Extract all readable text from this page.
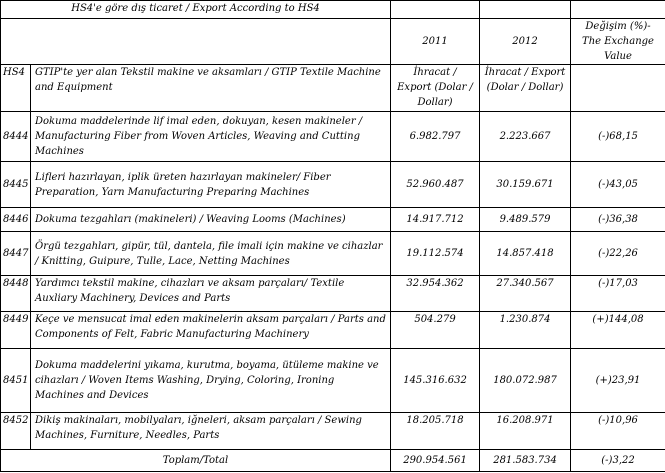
HS4'e göre dış ticaret / Export According to HS4				
		2011	2012	Değişim (%)- The Exchange Value
HS4	GTIP'te yer alan Tekstil makine ve aksamları / GTIP Textile Machine and Equipment	İhracat / Export (Dolar / Dollar)	İhracat / Export (Dolar / Dollar)	
8444	Dokuma maddelerinde lif imal eden, dokuyan, kesen makineler / Manufacturing Fiber from Woven Articles, Weaving and Cutting Machines	6.982.797	2.223.667	(-)68,15
8445	Lifleri hazırlayan, iplik üreten hazırlayan makineler/ Fiber Preparation, Yarn Manufacturing Preparing Machines	52.960.487	30.159.671	(-)43,05
8446	Dokuma tezgahları (makineleri) / Weaving Looms (Machines)	14.917.712	9.489.579	(-)36,38
8447	Örgü tezgahları, gipür, tül, dantela, file imali için makine ve cihazlar / Knitting, Guipure, Tulle, Lace, Netting Machines	19.112.574	14.857.418	(-)22,26
8448	Yardımcı tekstil makine, cihazları ve aksam parçaları/ Textile Auxliary Machinery, Devices and Parts	32.954.362	27.340.567	(-)17,03
8449	Keçe ve mensucat imal eden makinelerin aksam parçaları / Parts and Components of Felt, Fabric Manufacturing Machinery	504.279	1.230.874	(+)144,08
8451	Dokuma maddelerini yıkama, kurutma, boyama, ütüleme makine ve cihazları / Woven Items Washing, Drying, Coloring, Ironing Machines and Devices	145.316.632	180.072.987	(+)23,91
8452	Dikiş makinaları, mobilyaları, iğneleri, aksam parçaları / Sewing Machines, Furniture, Needles, Parts	18.205.718	16.208.971	(-)10,96
Toplam/Total		290.954.561	281.583.734	(-)3,22
